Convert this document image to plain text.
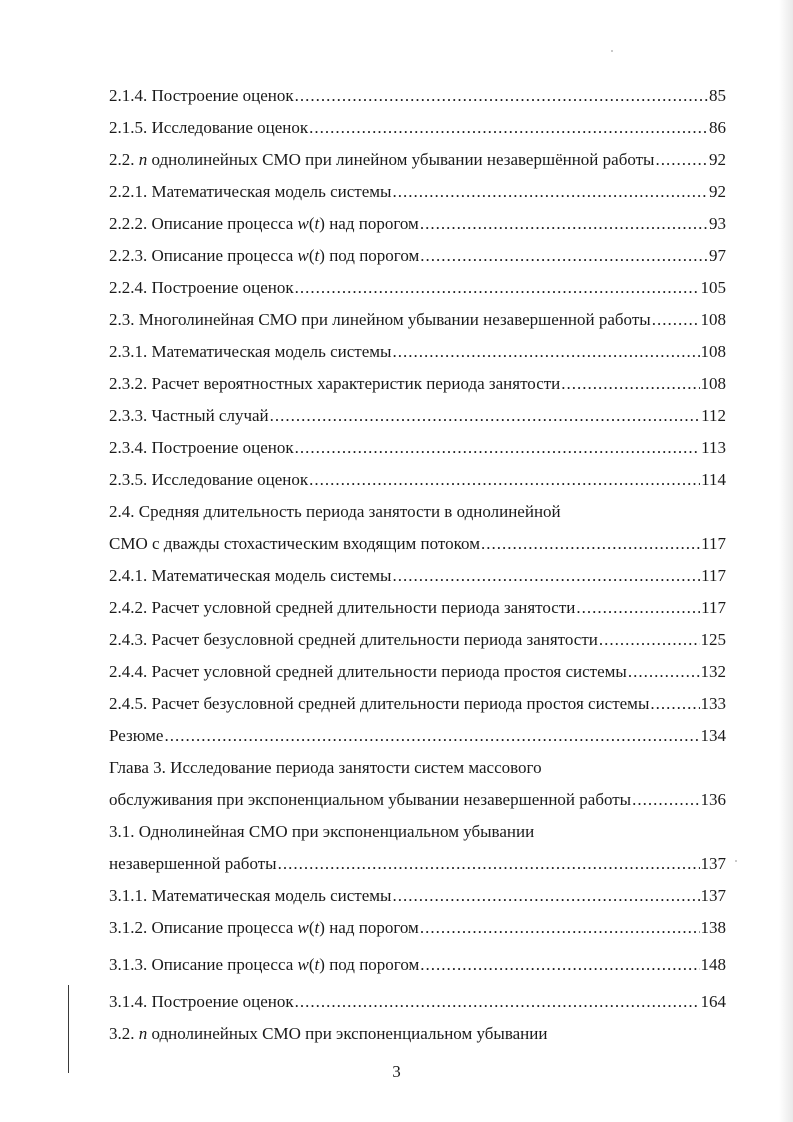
2.1.4. Построение оценок .....	85
2.1.5. Исследование оценок .....	86
2.2. n однолинейных СМО при линейном убывании незавершённой работы .....	92
2.2.1. Математическая модель системы .....	92
2.2.2. Описание процесса w(t) над порогом .....	93
2.2.3. Описание процесса w(t) под порогом .....	97
2.2.4. Построение оценок .....	105
2.3. Многолинейная СМО при линейном убывании незавершенной работы .....	108
2.3.1. Математическая модель системы .....	108
2.3.2. Расчет вероятностных характеристик периода занятости .....	108
2.3.3. Частный случай .....	112
2.3.4. Построение оценок .....	113
2.3.5. Исследование оценок .....	114
2.4. Средняя длительность периода занятости в однолинейной
СМО с дважды стохастическим входящим потоком .....	117
2.4.1. Математическая модель системы .....	117
2.4.2. Расчет условной средней длительности периода занятости .....	117
2.4.3. Расчет безусловной средней длительности периода занятости .....	125
2.4.4. Расчет условной средней длительности периода простоя системы .....	132
2.4.5. Расчет безусловной средней длительности периода простоя системы .....	133
Резюме .....	134
Глава 3. Исследование периода занятости систем массового
обслуживания при экспоненциальном убывании незавершенной работы .....	136
3.1. Однолинейная СМО при экспоненциальном убывании
незавершенной работы .....	137
3.1.1. Математическая модель системы .....	137
3.1.2. Описание процесса w(t) над порогом .....	138
3.1.3. Описание процесса w(t) под порогом .....	148
3.1.4. Построение оценок .....	164
3.2. n однолинейных СМО при экспоненциальном убывании
3
